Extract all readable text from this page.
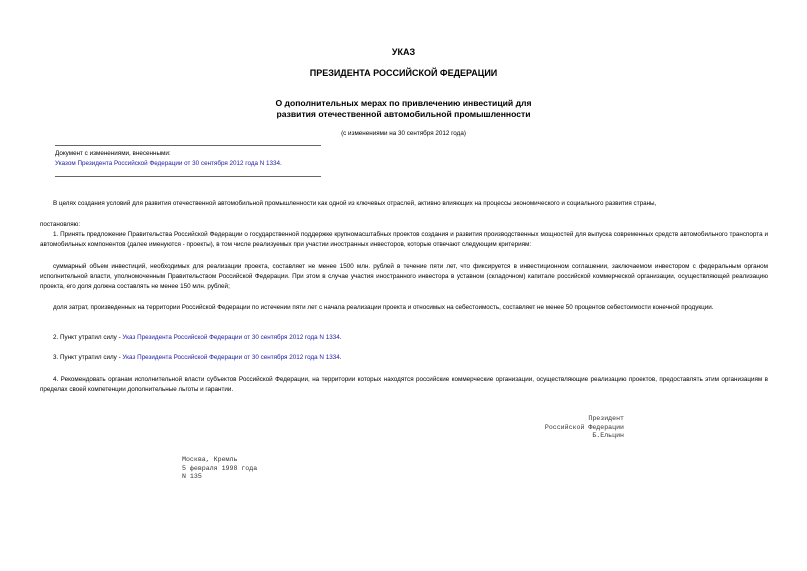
УКАЗ
ПРЕЗИДЕНТА РОССИЙСКОЙ ФЕДЕРАЦИИ
О дополнительных мерах по привлечению инвестиций для
развития отечественной автомобильной промышленности
(с изменениями на 30 сентября 2012 года)
Документ с изменениями, внесенными:
Указом Президента Российской Федерации от 30 сентября 2012 года N 1334.
В целях создания условий для развития отечественной автомобильной промышленности как одной из ключевых отраслей, активно влияющих на процессы экономического и социального развития страны,
постановляю:
1. Принять предложение Правительства Российской Федерации о государственной поддержке крупномасштабных проектов создания и развития производственных мощностей для выпуска современных средств автомобильного транспорта и автомобильных компонентов (далее именуются - проекты), в том числе реализуемых при участии иностранных инвесторов, которые отвечают следующим критериям:
суммарный объем инвестиций, необходимых для реализации проекта, составляет не менее 1500 млн. рублей в течение пяти лет, что фиксируется в инвестиционном соглашении, заключаемом инвестором с федеральным органом исполнительной власти, уполномоченным Правительством Российской Федерации. При этом в случае участия иностранного инвестора в уставном (складочном) капитале российской коммерческой организации, осуществляющей реализацию проекта, его доля должна составлять не менее 150 млн. рублей;
доля затрат, произведенных на территории Российской Федерации по истечении пяти лет с начала реализации проекта и относимых на себестоимость, составляет не менее 50 процентов себестоимости конечной продукции.
2. Пункт утратил силу - Указ Президента Российской Федерации от 30 сентября 2012 года N 1334.
3. Пункт утратил силу - Указ Президента Российской Федерации от 30 сентября 2012 года N 1334.
4. Рекомендовать органам исполнительной власти субъектов Российской Федерации, на территории которых находятся российские коммерческие организации, осуществляющие реализацию проектов, предоставлять этим организациям в пределах своей компетенции дополнительные льготы и гарантии.
Президент
Российской Федерации
Б.Ельцин
Москва, Кремль
5 февраля 1998 года
N 135
